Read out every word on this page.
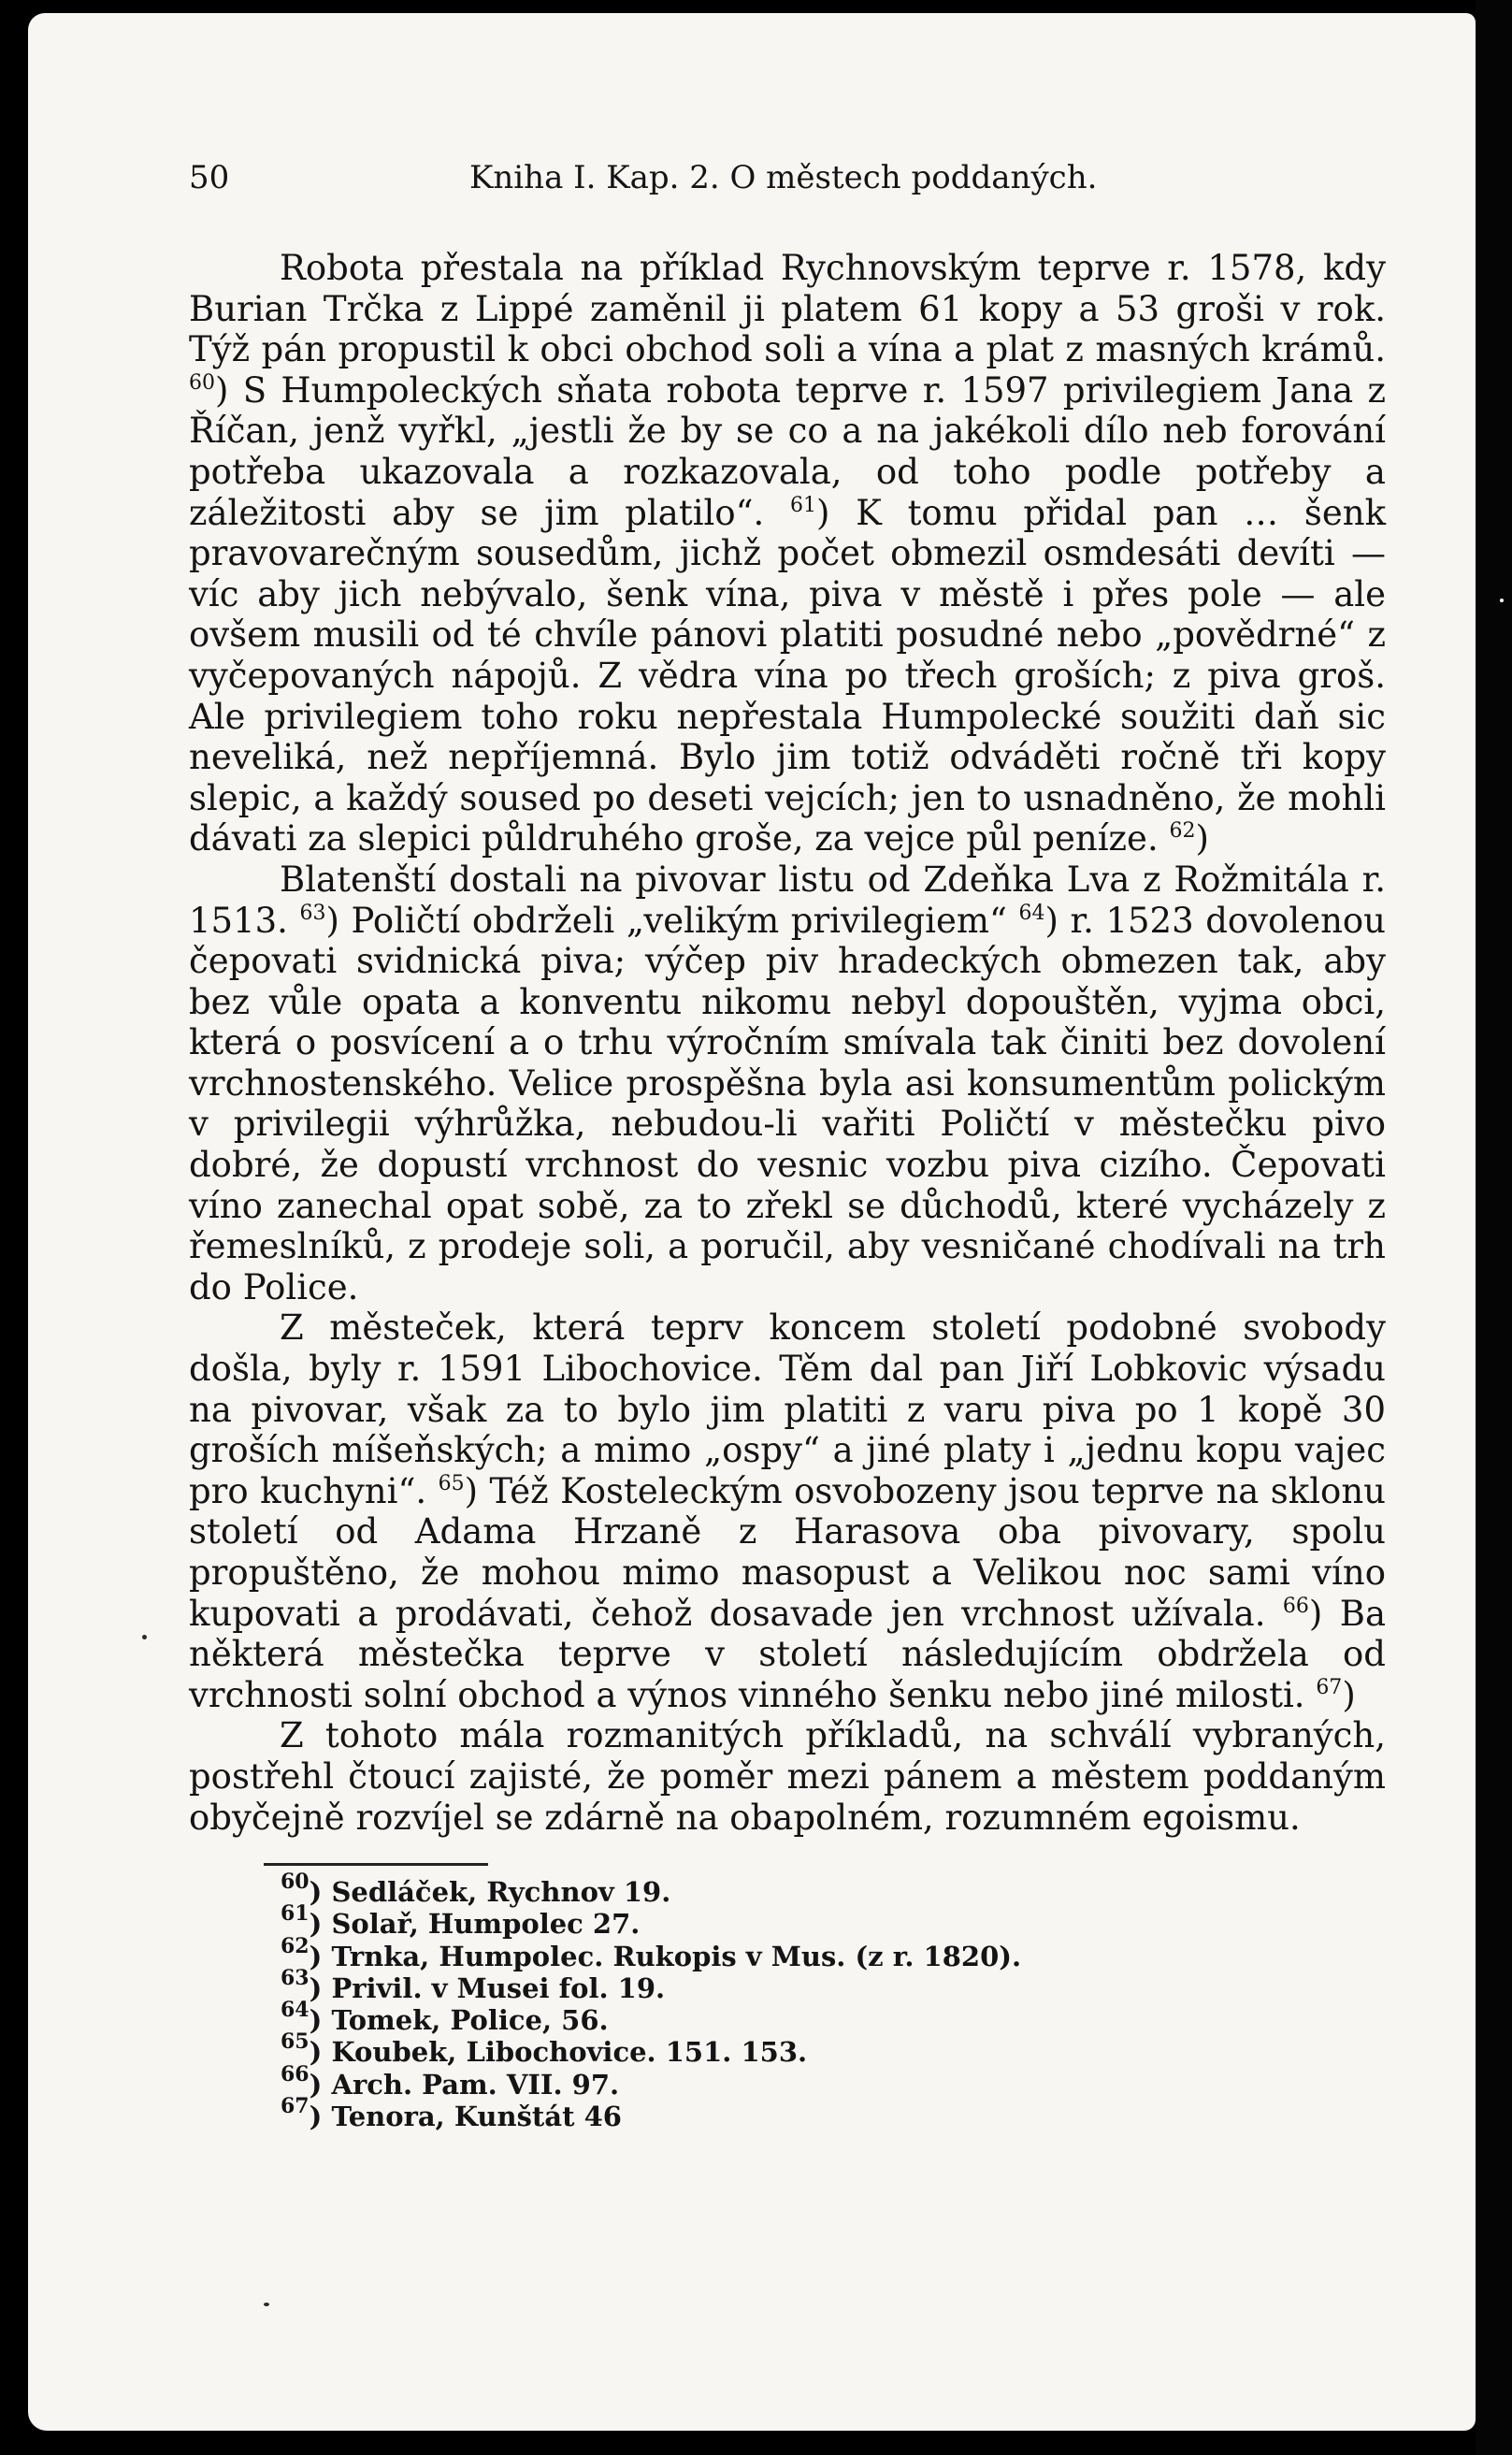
50	Kniha I. Kap. 2. O městech poddaných.

Robota přestala na příklad Rychnovským teprve r. 1578, kdy Burian Trčka z Lippé zaměnil ji platem 61 kopy a 53 groši v rok. Týž pán propustil k obci obchod soli a vína a plat z masných krámů. $^{60}$) S Humpoleckých sňata robota teprve r. 1597 privilegiem Jana z Říčan, jenž vyřkl, „jestli že by se co a na jakékoli dílo neb forování potřeba ukazovala a rozkazovala, od toho podle potřeby a záležitosti aby se jim platilo“. $^{61}$) K tomu přidal pan … šenk pravovarečným sousedům, jichž počet obmezil osmdesáti devíti — víc aby jich nebývalo, šenk vína, piva v městě i přes pole — ale ovšem musili od té chvíle pánovi platiti posudné nebo „povědrné“ z vyčepovaných nápojů. Z vědra vína po třech groších; z piva groš. Ale privilegiem toho roku nepřestala Humpolecké soužiti daň sic neveliká, než nepříjemná. Bylo jim totiž odváděti ročně tři kopy slepic, a každý soused po deseti vejcích; jen to usnadněno, že mohli dávati za slepici půldruhého groše, za vejce půl peníze. $^{62}$)

Blatenští dostali na pivovar listu od Zdeňka Lva z Rožmitála r. 1513. $^{63}$) Poličtí obdrželi „velikým privilegiem“ $^{64}$) r. 1523 dovolenou čepovati svidnická piva; výčep piv hradeckých obmezen tak, aby bez vůle opata a konventu nikomu nebyl dopouštěn, vyjma obci, která o posvícení a o trhu výročním smívala tak činiti bez dovolení vrchnostenského. Velice prospěšna byla asi konsumentům polickým v privilegii výhrůžka, nebudou-li vařiti Poličtí v městečku pivo dobré, že dopustí vrchnost do vesnic vozbu piva cizího. Čepovati víno zanechal opat sobě, za to zřekl se důchodů, které vycházely z řemeslníků, z prodeje soli, a poručil, aby vesničané chodívali na trh do Police.

Z městeček, která teprv koncem století podobné svobody došla, byly r. 1591 Libochovice. Těm dal pan Jiří Lobkovic výsadu na pivovar, však za to bylo jim platiti z varu piva po 1 kopě 30 groších míšeňských; a mimo „ospy“ a jiné platy i „jednu kopu vajec pro kuchyni“. $^{65}$) Též Kosteleckým osvobozeny jsou teprve na sklonu století od Adama Hrzaně z Harasova oba pivovary, spolu propuštěno, že mohou mimo masopust a Velikou noc sami víno kupovati a prodávati, čehož dosavade jen vrchnost užívala. $^{66}$) Ba některá městečka teprve v století následujícím obdržela od vrchnosti solní obchod a výnos vinného šenku nebo jiné milosti. $^{67}$)

Z tohoto mála rozmanitých příkladů, na schválí vybraných, postřehl čtoucí zajisté, že poměr mezi pánem a městem poddaným obyčejně rozvíjel se zdárně na obapolném, rozumném egoismu.

$^{60}$) Sedláček, Rychnov 19.
$^{61}$) Solař, Humpolec 27.
$^{62}$) Trnka, Humpolec. Rukopis v Mus. (z r. 1820).
$^{63}$) Privil. v Musei fol. 19.
$^{64}$) Tomek, Police, 56.
$^{65}$) Koubek, Libochovice. 151. 153.
$^{66}$) Arch. Pam. VII. 97.
$^{67}$) Tenora, Kunštát 46
